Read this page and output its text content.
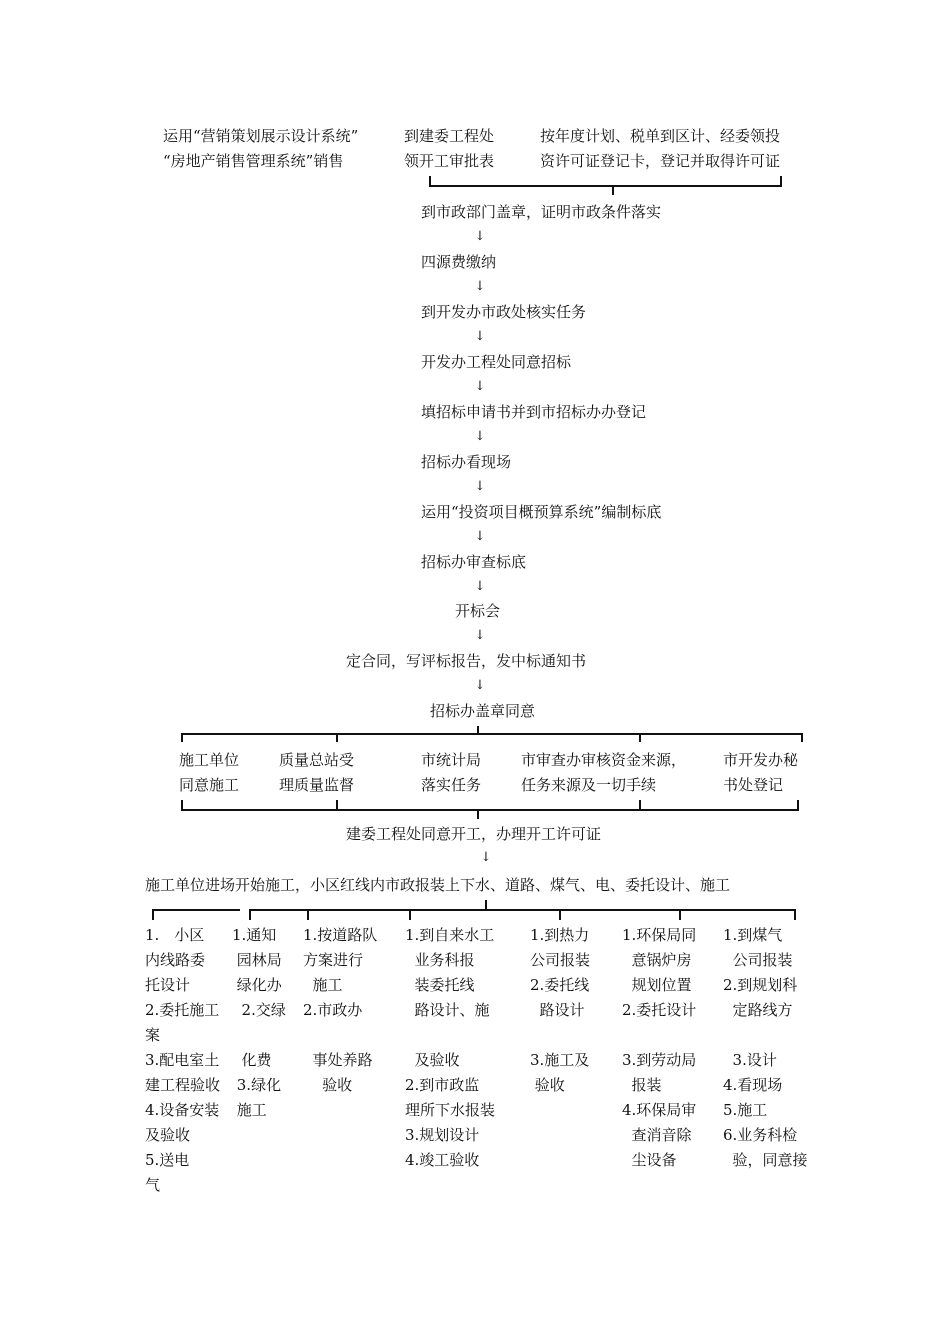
运用“营销策划展示设计系统”
“房地产销售管理系统”销售
到建委工程处
领开工审批表
按年度计划、税单到区计、经委领投
资许可证登记卡，登记并取得许可证
到市政部门盖章，证明市政条件落实
↓
四源费缴纳
↓
到开发办市政处核实任务
↓
开发办工程处同意招标
↓
填招标申请书并到市招标办办登记
↓
招标办看现场
↓
运用“投资项目概预算系统”编制标底
↓
招标办审查标底
↓
开标会
↓
定合同，写评标报告，发中标通知书
↓
招标办盖章同意
施工单位
同意施工
质量总站受
理质量监督
市统计局
落实任务
市审查办审核资金来源，
任务来源及一切手续
市开发办秘
书处登记
建委工程处同意开工，办理开工许可证
↓
施工单位进场开始施工，小区红线内市政报装上下水、道路、煤气、电、委托设计、施工
1.　小区
内线路委
托设计
2.委托施工
案
3.配电室土
建工程验收
4.设备安装
及验收
5.送电
气
1.通知
园林局
绿化办
2.交绿

化费
3.绿化
施工
1.按道路队
方案进行
施工
2.市政办

事处养路
验收
1.到自来水工
业务科报
装委托线
路设计、施

及验收
2.到市政监
理所下水报装
3.规划设计
4.竣工验收
1.到热力
公司报装
2.委托线
路设计

3.施工及
验收
1.环保局同
意锅炉房
规划位置
2.委托设计

3.到劳动局
报装
4.环保局审
查消音除
尘设备
1.到煤气
公司报装
2.到规划科
定路线方

3.设计
4.看现场
5.施工
6.业务科检
验，同意接
